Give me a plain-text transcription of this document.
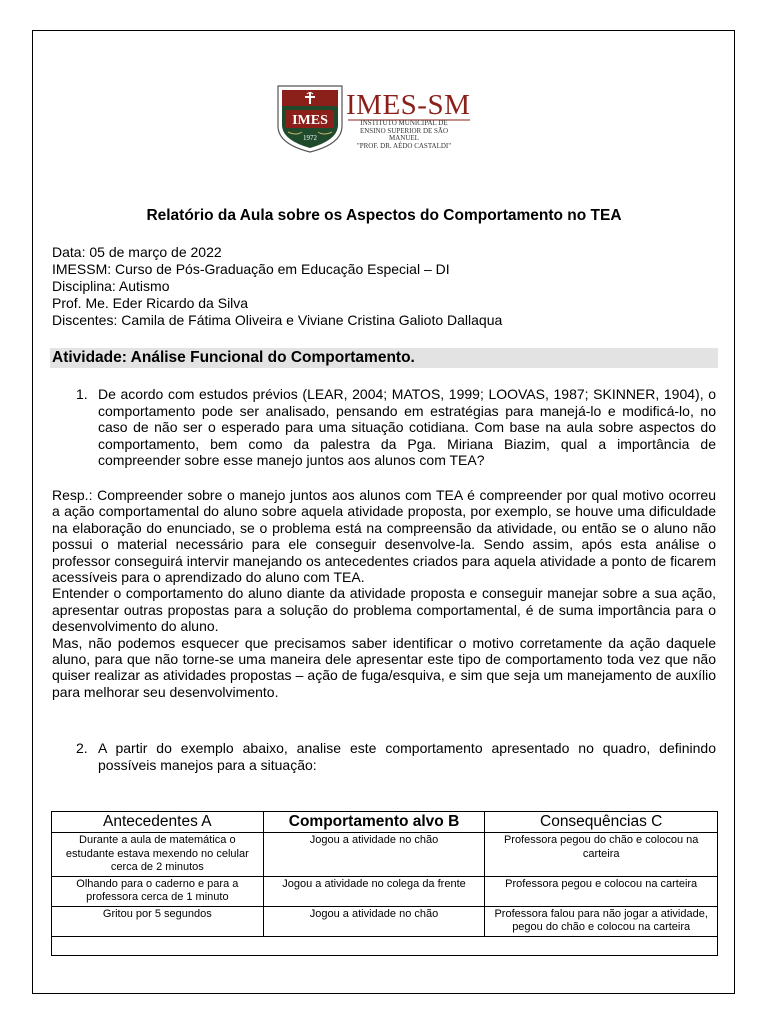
IMES
1972
IMES-SM
INSTITUTO MUNICIPAL DE
ENSINO SUPERIOR DE SÃO MANUEL
"PROF. DR. AÉDO CASTALDI"
Relatório da Aula sobre os Aspectos do Comportamento no TEA
Data: 05 de março de 2022
IMESSM: Curso de Pós-Graduação em Educação Especial – DI
Disciplina: Autismo
Prof. Me. Eder Ricardo da Silva
Discentes: Camila de Fátima Oliveira e Viviane Cristina Galioto Dallaqua
Atividade: Análise Funcional do Comportamento.
1. De acordo com estudos prévios (LEAR, 2004; MATOS, 1999; LOOVAS, 1987; SKINNER, 1904), o comportamento pode ser analisado, pensando em estratégias para manejá-lo e modificá-lo, no caso de não ser o esperado para uma situação cotidiana. Com base na aula sobre aspectos do comportamento, bem como da palestra da Pga. Miriana Biazim, qual a importância de compreender sobre esse manejo juntos aos alunos com TEA?

Resp.: Compreender sobre o manejo juntos aos alunos com TEA é compreender por qual motivo ocorreu a ação comportamental do aluno sobre aquela atividade proposta, por exemplo, se houve uma dificuldade na elaboração do enunciado, se o problema está na compreensão da atividade, ou então se o aluno não possui o material necessário para ele conseguir desenvolve-la. Sendo assim, após esta análise o professor conseguirá intervir manejando os antecedentes criados para aquela atividade a ponto de ficarem acessíveis para o aprendizado do aluno com TEA.

Entender o comportamento do aluno diante da atividade proposta e conseguir manejar sobre a sua ação, apresentar outras propostas para a solução do problema comportamental, é de suma importância para o desenvolvimento do aluno.

Mas, não podemos esquecer que precisamos saber identificar o motivo corretamente da ação daquele aluno, para que não torne-se uma maneira dele apresentar este tipo de comportamento toda vez que não quiser realizar as atividades propostas – ação de fuga/esquiva, e sim que seja um manejamento de auxílio para melhorar seu desenvolvimento.

2. A partir do exemplo abaixo, analise este comportamento apresentado no quadro, definindo possíveis manejos para a situação:
Antecedentes A	Comportamento alvo B	Consequências C
Durante a aula de matemática o estudante estava mexendo no celular cerca de 2 minutos	Jogou a atividade no chão	Professora pegou do chão e colocou na carteira
Olhando para o caderno e para a professora cerca de 1 minuto	Jogou a atividade no colega da frente	Professora pegou e colocou na carteira
Gritou por 5 segundos	Jogou a atividade no chão	Professora falou para não jogar a atividade, pegou do chão e colocou na carteira
